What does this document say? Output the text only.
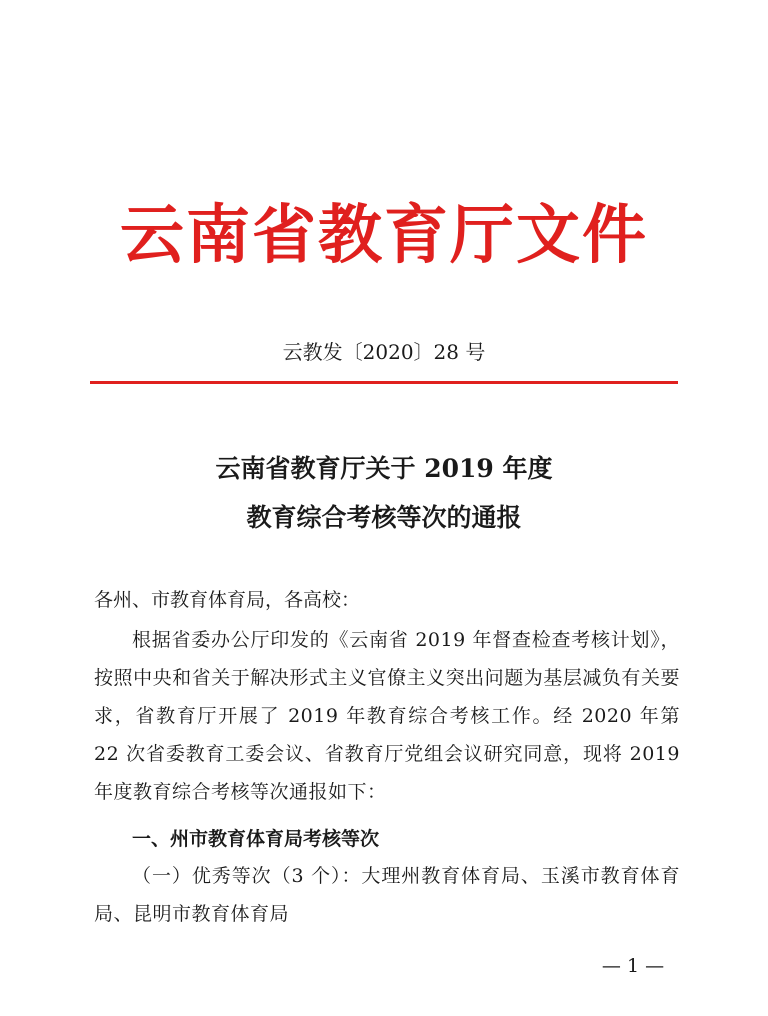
云南省教育厅文件
云教发〔2020〕28 号
云南省教育厅关于 2019 年度
教育综合考核等次的通报
各州、市教育体育局，各高校：
根据省委办公厅印发的《云南省 2019 年督查检查考核计划》，按照中央和省关于解决形式主义官僚主义突出问题为基层减负有关要求，省教育厅开展了 2019 年教育综合考核工作。经 2020 年第 22 次省委教育工委会议、省教育厅党组会议研究同意，现将 2019 年度教育综合考核等次通报如下：
一、州市教育体育局考核等次
（一）优秀等次（3 个）：大理州教育体育局、玉溪市教育体育局、昆明市教育体育局
— 1 —
